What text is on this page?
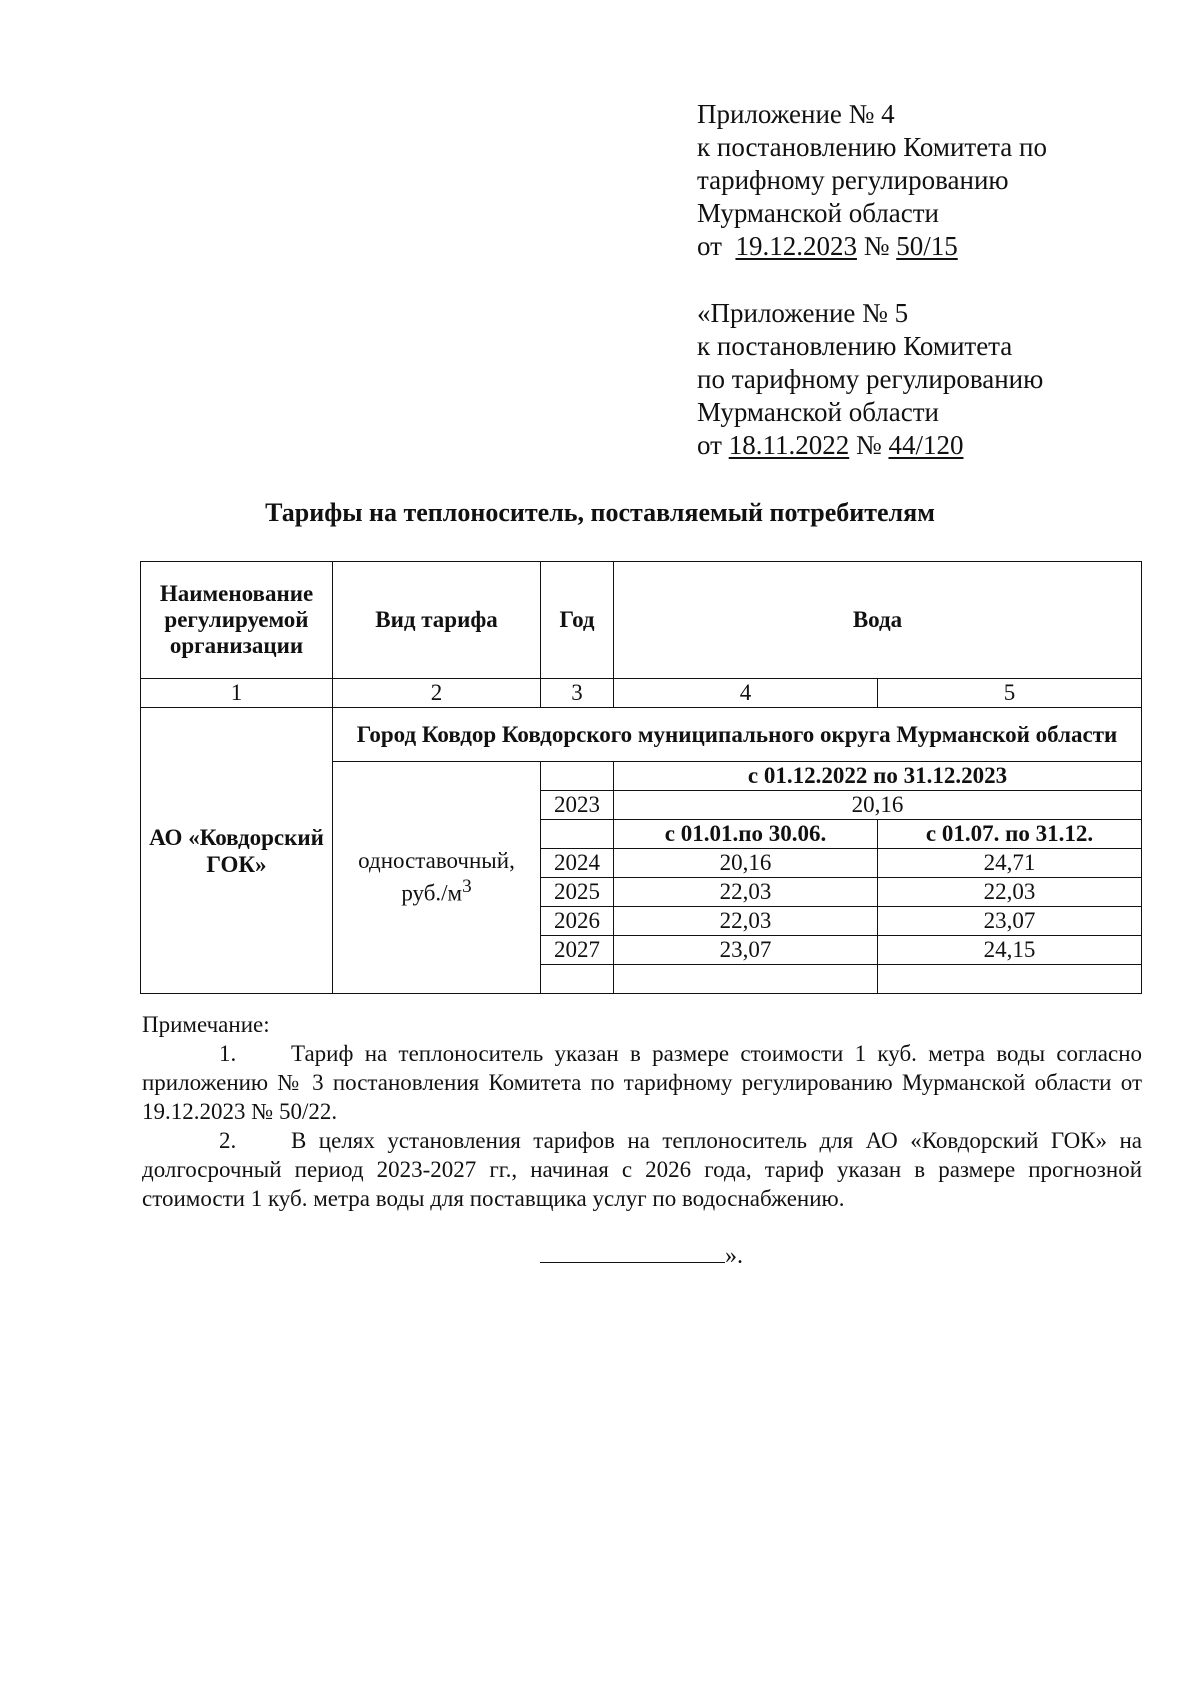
Приложение № 4
к постановлению Комитета по
тарифному регулированию
Мурманской области
от 19.12.2023 № 50/15
«Приложение № 5
к постановлению Комитета
по тарифному регулированию
Мурманской области
от 18.11.2022 № 44/120
Тарифы на теплоноситель, поставляемый потребителям
Наименование регулируемой организации	Вид тарифа	Год	Вода	
1	2	3	4	5
АО «Ковдорский ГОК»	Город Ковдор Ковдорского муниципального округа Мурманской области			
	одноставочный, $руб./м^3$		с 01.12.2022 по 31.12.2023	
		2023	20,16	
			с 01.01.по 30.06.	с 01.07. по 31.12.
		2024	20,16	24,71
		2025	22,03	22,03
		2026	22,03	23,07
		2027	23,07	24,15

Примечание:
1. Тариф на теплоноситель указан в размере стоимости 1 куб. метра воды согласно приложению № 3 постановления Комитета по тарифному регулированию Мурманской области от 19.12.2023 № 50/22.
2. В целях установления тарифов на теплоноситель для АО «Ковдорский ГОК» на долгосрочный период 2023-2027 гг., начиная с 2026 года, тариф указан в размере прогнозной стоимости 1 куб. метра воды для поставщика услуг по водоснабжению.
».
